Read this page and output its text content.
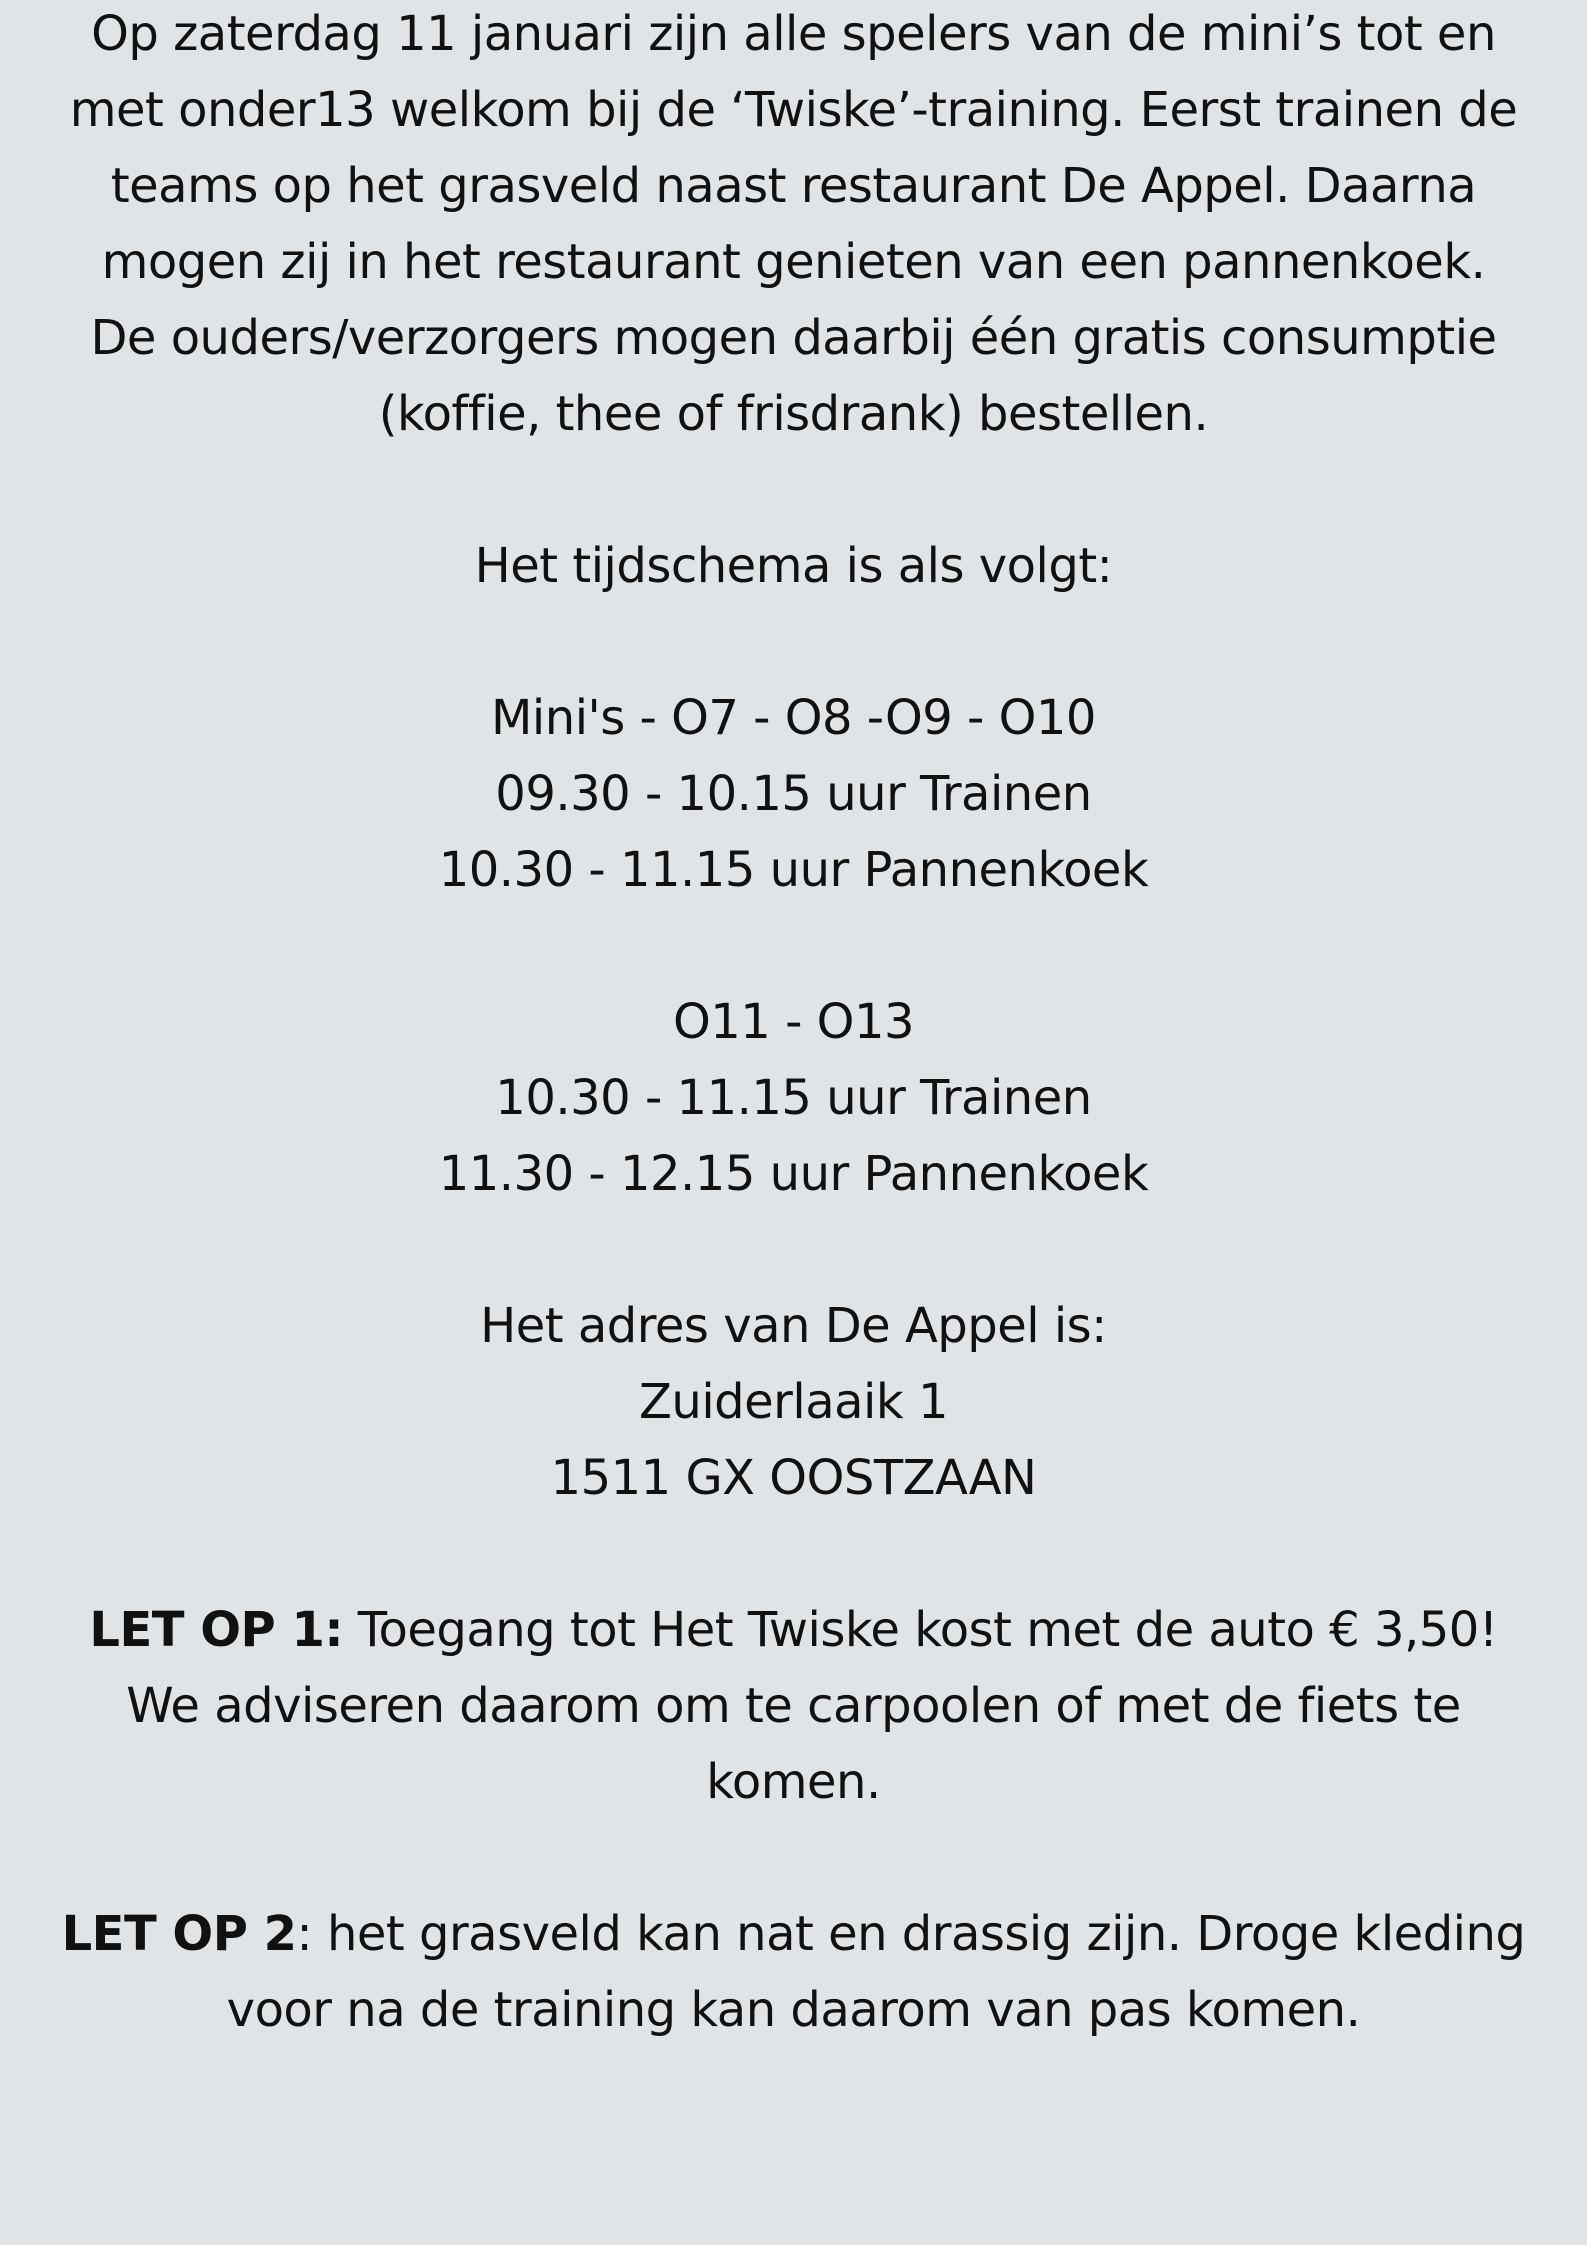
Op zaterdag 11 januari zijn alle spelers van de mini’s tot en
met onder13 welkom bij de ‘Twiske’-training. Eerst trainen de
teams op het grasveld naast restaurant De Appel. Daarna
mogen zij in het restaurant genieten van een pannenkoek.
De ouders/verzorgers mogen daarbij één gratis consumptie
(koffie, thee of frisdrank) bestellen.
Het tijdschema is als volgt:
Mini's - O7 - O8 -O9 - O10
09.30 - 10.15 uur Trainen
10.30 - 11.15 uur Pannenkoek
O11 - O13
10.30 - 11.15 uur Trainen
11.30 - 12.15 uur Pannenkoek
Het adres van De Appel is:
Zuiderlaaik 1
1511 GX OOSTZAAN
LET OP 1: Toegang tot Het Twiske kost met de auto € 3,50!
We adviseren daarom om te carpoolen of met de fiets te
komen.
LET OP 2: het grasveld kan nat en drassig zijn. Droge kleding
voor na de training kan daarom van pas komen.
